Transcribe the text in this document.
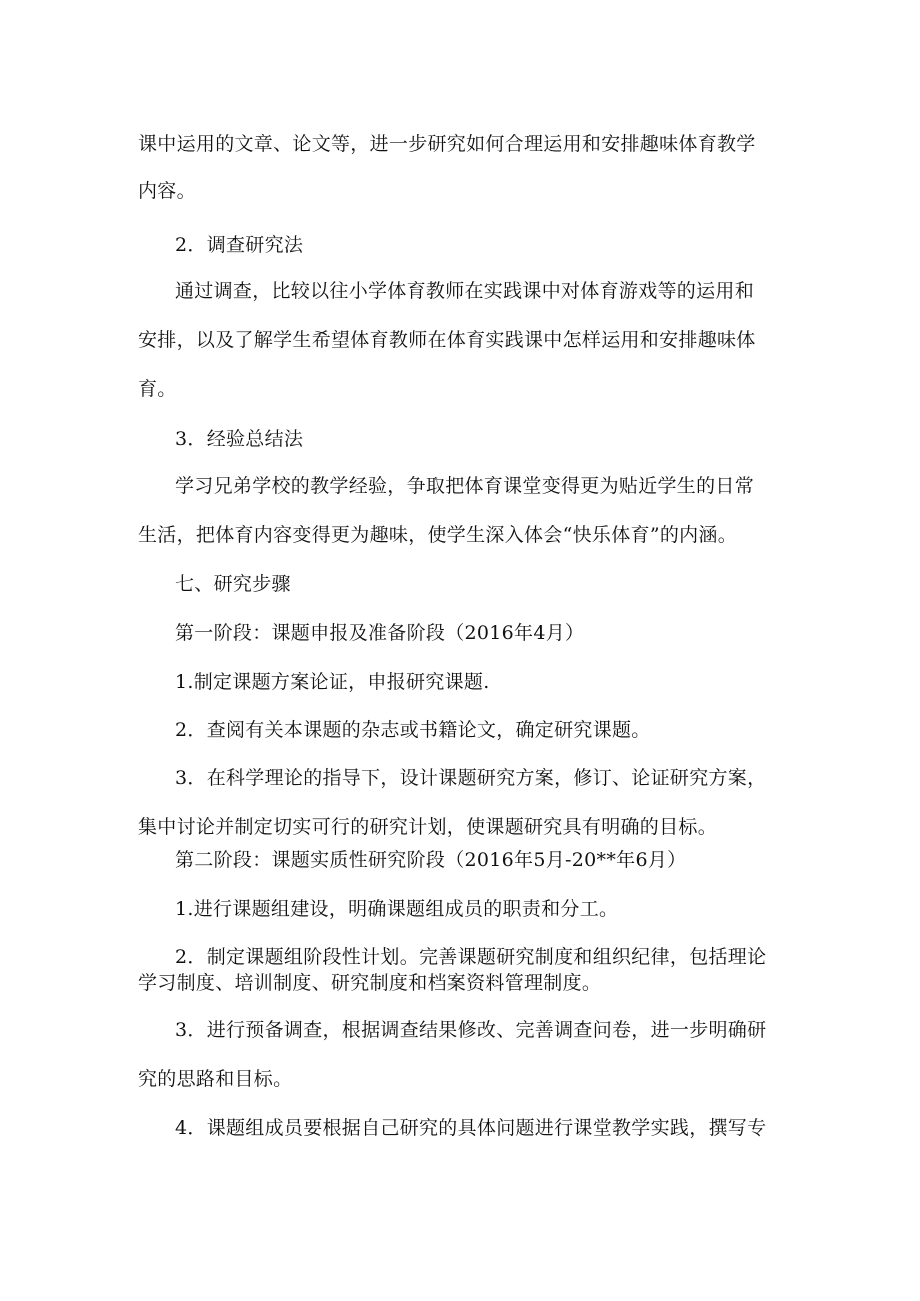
课中运用的文章、论文等，进一步研究如何合理运用和安排趣味体育教学
内容。
2．调查研究法
通过调查，比较以往小学体育教师在实践课中对体育游戏等的运用和
安排，以及了解学生希望体育教师在体育实践课中怎样运用和安排趣味体
育。
3．经验总结法
学习兄弟学校的教学经验，争取把体育课堂变得更为贴近学生的日常
生活，把体育内容变得更为趣味，使学生深入体会“快乐体育”的内涵。
七、研究步骤
第一阶段：课题申报及准备阶段（2016年4月）
1.制定课题方案论证，申报研究课题.
2．查阅有关本课题的杂志或书籍论文，确定研究课题。
3．在科学理论的指导下，设计课题研究方案，修订、论证研究方案，
集中讨论并制定切实可行的研究计划，使课题研究具有明确的目标。
第二阶段：课题实质性研究阶段（2016年5月-20**年6月）
1.进行课题组建设，明确课题组成员的职责和分工。
2．制定课题组阶段性计划。完善课题研究制度和组织纪律，包括理论
学习制度、培训制度、研究制度和档案资料管理制度。
3．进行预备调查，根据调查结果修改、完善调查问卷，进一步明确研
究的思路和目标。
4．课题组成员要根据自己研究的具体问题进行课堂教学实践，撰写专
